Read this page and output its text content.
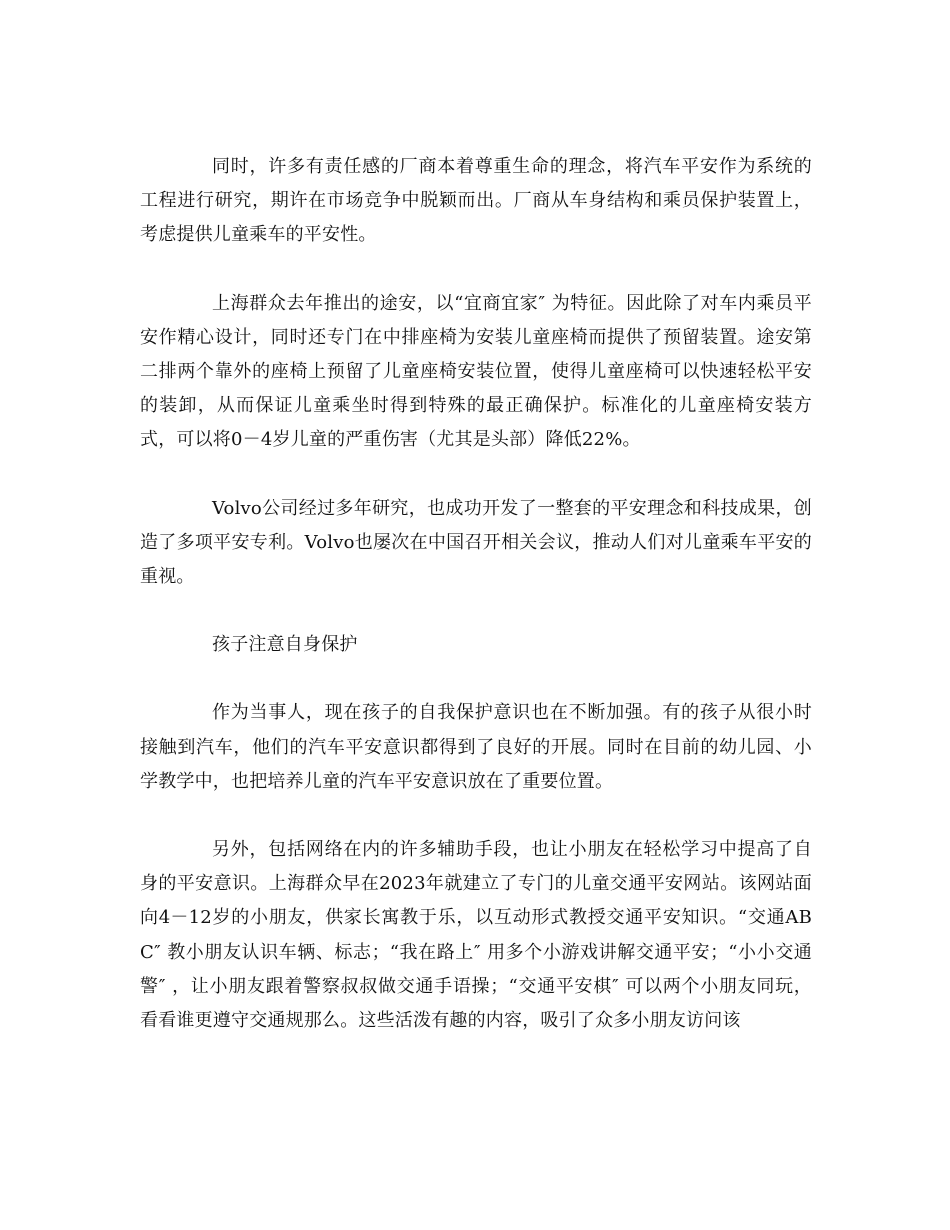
同时，许多有责任感的厂商本着尊重生命的理念，将汽车平安作为系统的工程进行研究，期许在市场竞争中脱颖而出。厂商从车身结构和乘员保护装置上，考虑提供儿童乘车的平安性。

上海群众去年推出的途安，以“宜商宜家″ 为特征。因此除了对车内乘员平安作精心设计，同时还专门在中排座椅为安装儿童座椅而提供了预留装置。途安第二排两个靠外的座椅上预留了儿童座椅安装位置，使得儿童座椅可以快速轻松平安的装卸，从而保证儿童乘坐时得到特殊的最正确保护。标准化的儿童座椅安装方式，可以将0－4岁儿童的严重伤害（尤其是头部）降低22%。

Volvo公司经过多年研究，也成功开发了一整套的平安理念和科技成果，创造了多项平安专利。Volvo也屡次在中国召开相关会议，推动人们对儿童乘车平安的重视。

孩子注意自身保护

作为当事人，现在孩子的自我保护意识也在不断加强。有的孩子从很小时接触到汽车，他们的汽车平安意识都得到了良好的开展。同时在目前的幼儿园、小学教学中，也把培养儿童的汽车平安意识放在了重要位置。

另外，包括网络在内的许多辅助手段，也让小朋友在轻松学习中提高了自身的平安意识。上海群众早在2023年就建立了专门的儿童交通平安网站。该网站面向4－12岁的小朋友，供家长寓教于乐，以互动形式教授交通平安知识。“交通ABC″ 教小朋友认识车辆、标志；“我在路上″ 用多个小游戏讲解交通平安；“小小交通警″ ，让小朋友跟着警察叔叔做交通手语操；“交通平安棋″ 可以两个小朋友同玩，看看谁更遵守交通规那么。这些活泼有趣的内容，吸引了众多小朋友访问该
